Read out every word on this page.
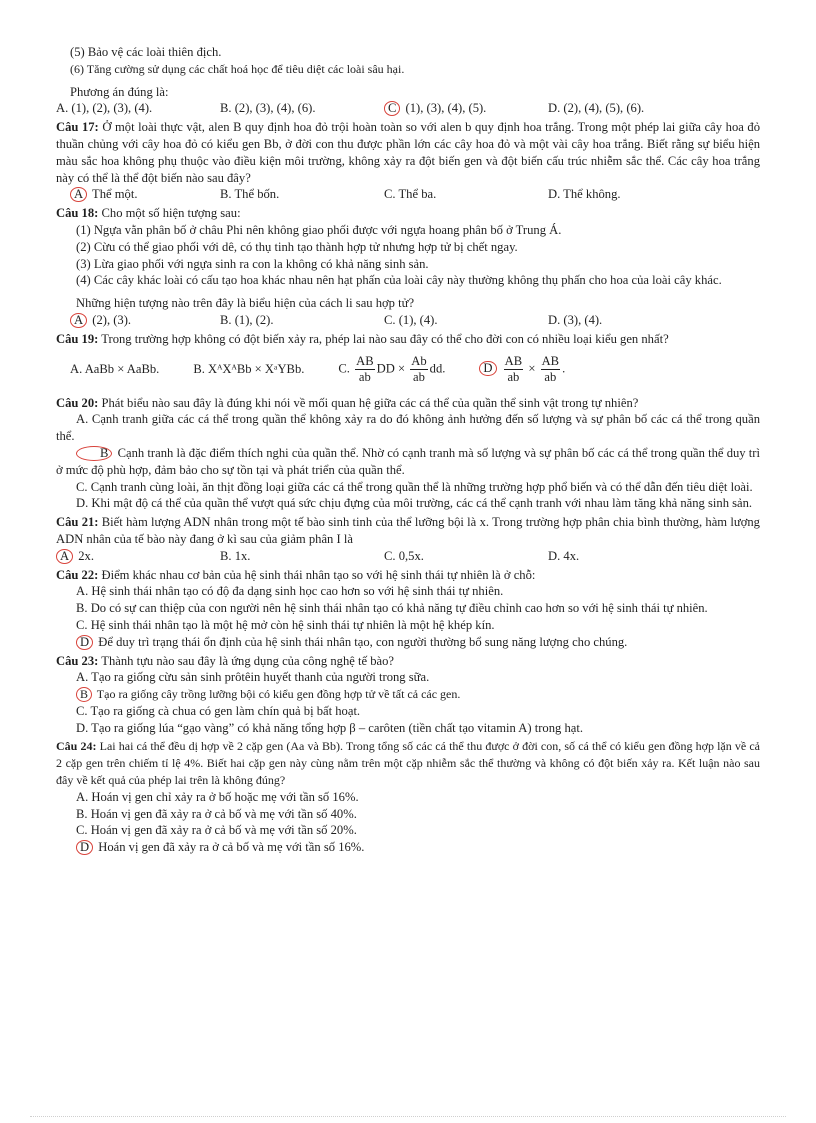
(5) Bảo vệ các loài thiên địch.
(6) Tăng cường sử dụng các chất hoá học để tiêu diệt các loài sâu hại.
Phương án đúng là:
A. (1), (2), (3), (4).	B. (2), (3), (4), (6).	C (1), (3), (4), (5).	D. (2), (4), (5), (6).
Câu 17: Ở một loài thực vật, alen B quy định hoa đỏ trội hoàn toàn so với alen b quy định hoa trắng. Trong một phép lai giữa cây hoa đỏ thuần chủng với cây hoa đỏ có kiểu gen Bb, ở đời con thu được phần lớn các cây hoa đỏ và một vài cây hoa trắng. Biết rằng sự biểu hiện màu sắc hoa không phụ thuộc vào điều kiện môi trường, không xảy ra đột biến gen và đột biến cấu trúc nhiễm sắc thể. Các cây hoa trắng này có thể là thể đột biến nào sau đây?
A Thể một.	B. Thể bốn.	C. Thể ba.	D. Thể không.
Câu 18: Cho một số hiện tượng sau:
(1) Ngựa vằn phân bố ở châu Phi nên không giao phối được với ngựa hoang phân bố ở Trung Á.
(2) Cừu có thể giao phối với dê, có thụ tinh tạo thành hợp tử nhưng hợp tử bị chết ngay.
(3) Lừa giao phối với ngựa sinh ra con la không có khả năng sinh sản.
(4) Các cây khác loài có cấu tạo hoa khác nhau nên hạt phấn của loài cây này thường không thụ phấn cho hoa của loài cây khác.
Những hiện tượng nào trên đây là biểu hiện của cách li sau hợp tử?
A (2), (3).	B. (1), (2).	C. (1), (4).	D. (3), (4).
Câu 19: Trong trường hợp không có đột biến xảy ra, phép lai nào sau đây có thể cho đời con có nhiều loại kiểu gen nhất?
A. AaBb × AaBb.	B. XᴬXᴬBb × XᵃYBb.	C. $\frac{AB}{ab}$ DD × $\frac{Ab}{ab}$ dd.	D $\frac{AB}{ab} \times \frac{AB}{ab}$ .
Câu 20: Phát biểu nào sau đây là đúng khi nói về mối quan hệ giữa các cá thể của quần thể sinh vật trong tự nhiên?
A. Cạnh tranh giữa các cá thể trong quần thể không xảy ra do đó không ảnh hưởng đến số lượng và sự phân bố các cá thể trong quần thể.
B Cạnh tranh là đặc điểm thích nghi của quần thể. Nhờ có cạnh tranh mà số lượng và sự phân bố các cá thể trong quần thể duy trì ở mức độ phù hợp, đảm bảo cho sự tồn tại và phát triển của quần thể.
C. Cạnh tranh cùng loài, ăn thịt đồng loại giữa các cá thể trong quần thể là những trường hợp phổ biến và có thể dẫn đến tiêu diệt loài.
D. Khi mật độ cá thể của quần thể vượt quá sức chịu đựng của môi trường, các cá thể cạnh tranh với nhau làm tăng khả năng sinh sản.
Câu 21: Biết hàm lượng ADN nhân trong một tế bào sinh tinh của thể lưỡng bội là x. Trong trường hợp phân chia bình thường, hàm lượng ADN nhân của tế bào này đang ở kì sau của giảm phân I là
A 2x.	B. 1x.	C. 0,5x.	D. 4x.
Câu 22: Điểm khác nhau cơ bản của hệ sinh thái nhân tạo so với hệ sinh thái tự nhiên là ở chỗ:
A. Hệ sinh thái nhân tạo có độ đa dạng sinh học cao hơn so với hệ sinh thái tự nhiên.
B. Do có sự can thiệp của con người nên hệ sinh thái nhân tạo có khả năng tự điều chỉnh cao hơn so với hệ sinh thái tự nhiên.
C. Hệ sinh thái nhân tạo là một hệ mở còn hệ sinh thái tự nhiên là một hệ khép kín.
D Để duy trì trạng thái ổn định của hệ sinh thái nhân tạo, con người thường bổ sung năng lượng cho chúng.
Câu 23: Thành tựu nào sau đây là ứng dụng của công nghệ tế bào?
A. Tạo ra giống cừu sản sinh prôtêin huyết thanh của người trong sữa.
B Tạo ra giống cây trồng lưỡng bội có kiểu gen đồng hợp tử về tất cả các gen.
C. Tạo ra giống cà chua có gen làm chín quả bị bất hoạt.
D. Tạo ra giống lúa “gạo vàng” có khả năng tổng hợp β – carôten (tiền chất tạo vitamin A) trong hạt.
Câu 24: Lai hai cá thể đều dị hợp về 2 cặp gen (Aa và Bb). Trong tổng số các cá thể thu được ở đời con, số cá thể có kiểu gen đồng hợp lặn về cả 2 cặp gen trên chiếm tỉ lệ 4%. Biết hai cặp gen này cùng nằm trên một cặp nhiễm sắc thể thường và không có đột biến xảy ra. Kết luận nào sau đây về kết quả của phép lai trên là không đúng?
A. Hoán vị gen chỉ xảy ra ở bố hoặc mẹ với tần số 16%.
B. Hoán vị gen đã xảy ra ở cả bố và mẹ với tần số 40%.
C. Hoán vị gen đã xảy ra ở cả bố và mẹ với tần số 20%.
D Hoán vị gen đã xảy ra ở cả bố và mẹ với tần số 16%.
